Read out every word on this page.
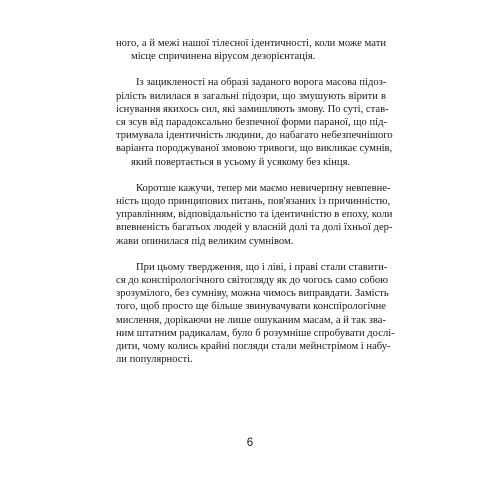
ного, а й межі нашої тілесної ідентичності, коли може мати
місце спричинена вірусом дезорієнтація.
Із зацикленості на образі заданого ворога масова підоз-
рілість вилилася в загальні підозри, що змушують вірити в
існування якихось сил, які замишляють змову. По суті, став-
ся зсув від парадоксально безпечної форми параної, що під-
тримувала ідентичність людини, до набагато небезпечнішого
варіанта породжуваної змовою тривоги, що викликає сумнів,
який повертається в усьому й усякому без кінця.
Коротше кажучи, тепер ми маємо невичерпну невпевне-
ність щодо принципових питань, пов'язаних із причинністю,
управлінням, відповідальністю та ідентичністю в епоху, коли
впевненість багатьох людей у власній долі та долі їхньої дер-
жави опинилася під великим сумнівом.
При цьому твердження, що і ліві, і праві стали ставити-
ся до конспірологічного світогляду як до чогось само собою
зрозумілого, без сумніву, можна чимось виправдати. Замість
того, щоб просто ще більше звинувачувати конспірологічне
мислення, дорікаючи не лише ошуканим масам, а й так зва-
ним штатним радикалам, було б розумніше спробувати дослі-
дити, чому колись крайні погляди стали мейнстрімом і набу-
ли популярності.
6
